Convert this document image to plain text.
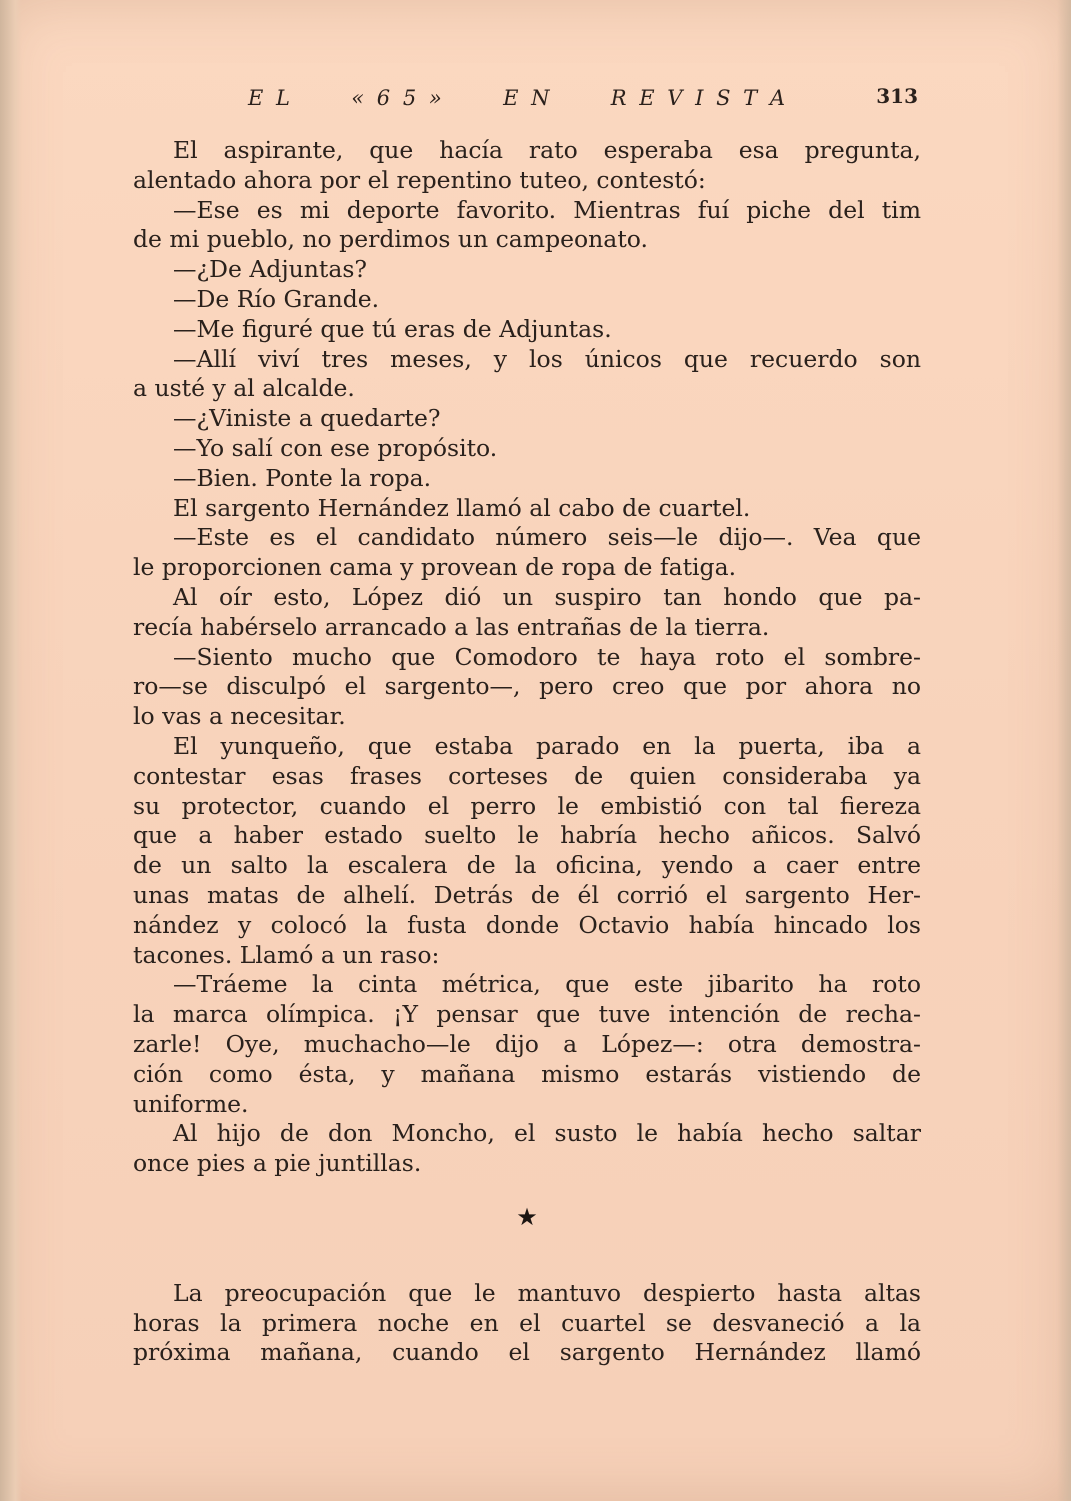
E L	« 6 5 »	E N	R E V I S T A	313
El aspirante, que hacía rato esperaba esa pregunta,
alentado ahora por el repentino tuteo, contestó:
—Ese es mi deporte favorito. Mientras fuí piche del tim
de mi pueblo, no perdimos un campeonato.
—¿De Adjuntas?
—De Río Grande.
—Me figuré que tú eras de Adjuntas.
—Allí viví tres meses, y los únicos que recuerdo son
a usté y al alcalde.
—¿Viniste a quedarte?
—Yo salí con ese propósito.
—Bien. Ponte la ropa.
El sargento Hernández llamó al cabo de cuartel.
—Este es el candidato número seis—le dijo—. Vea que
le proporcionen cama y provean de ropa de fatiga.
Al oír esto, López dió un suspiro tan hondo que pa-
recía habérselo arrancado a las entrañas de la tierra.
—Siento mucho que Comodoro te haya roto el sombre-
ro—se disculpó el sargento—, pero creo que por ahora no
lo vas a necesitar.
El yunqueño, que estaba parado en la puerta, iba a
contestar esas frases corteses de quien consideraba ya
su protector, cuando el perro le embistió con tal fiereza
que a haber estado suelto le habría hecho añicos. Salvó
de un salto la escalera de la oficina, yendo a caer entre
unas matas de alhelí. Detrás de él corrió el sargento Her-
nández y colocó la fusta donde Octavio había hincado los
tacones. Llamó a un raso:
—Tráeme la cinta métrica, que este jibarito ha roto
la marca olímpica. ¡Y pensar que tuve intención de recha-
zarle! Oye, muchacho—le dijo a López—: otra demostra-
ción como ésta, y mañana mismo estarás vistiendo de
uniforme.
Al hijo de don Moncho, el susto le había hecho saltar
once pies a pie juntillas.
★
La preocupación que le mantuvo despierto hasta altas
horas la primera noche en el cuartel se desvaneció a la
próxima mañana, cuando el sargento Hernández llamó
